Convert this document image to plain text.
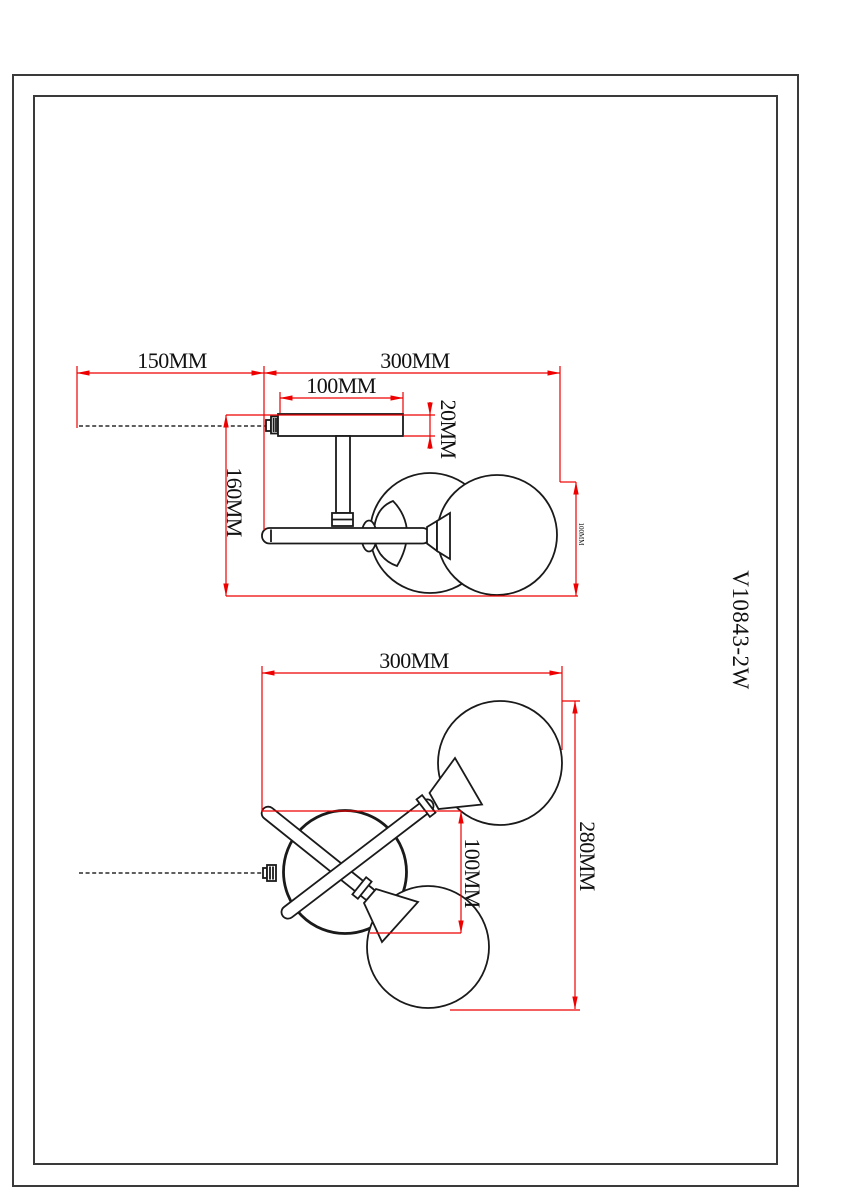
150MM	300MM
100MM
20MM
160MM	100MM
300MM
280MM
100MM
V10843-2W
